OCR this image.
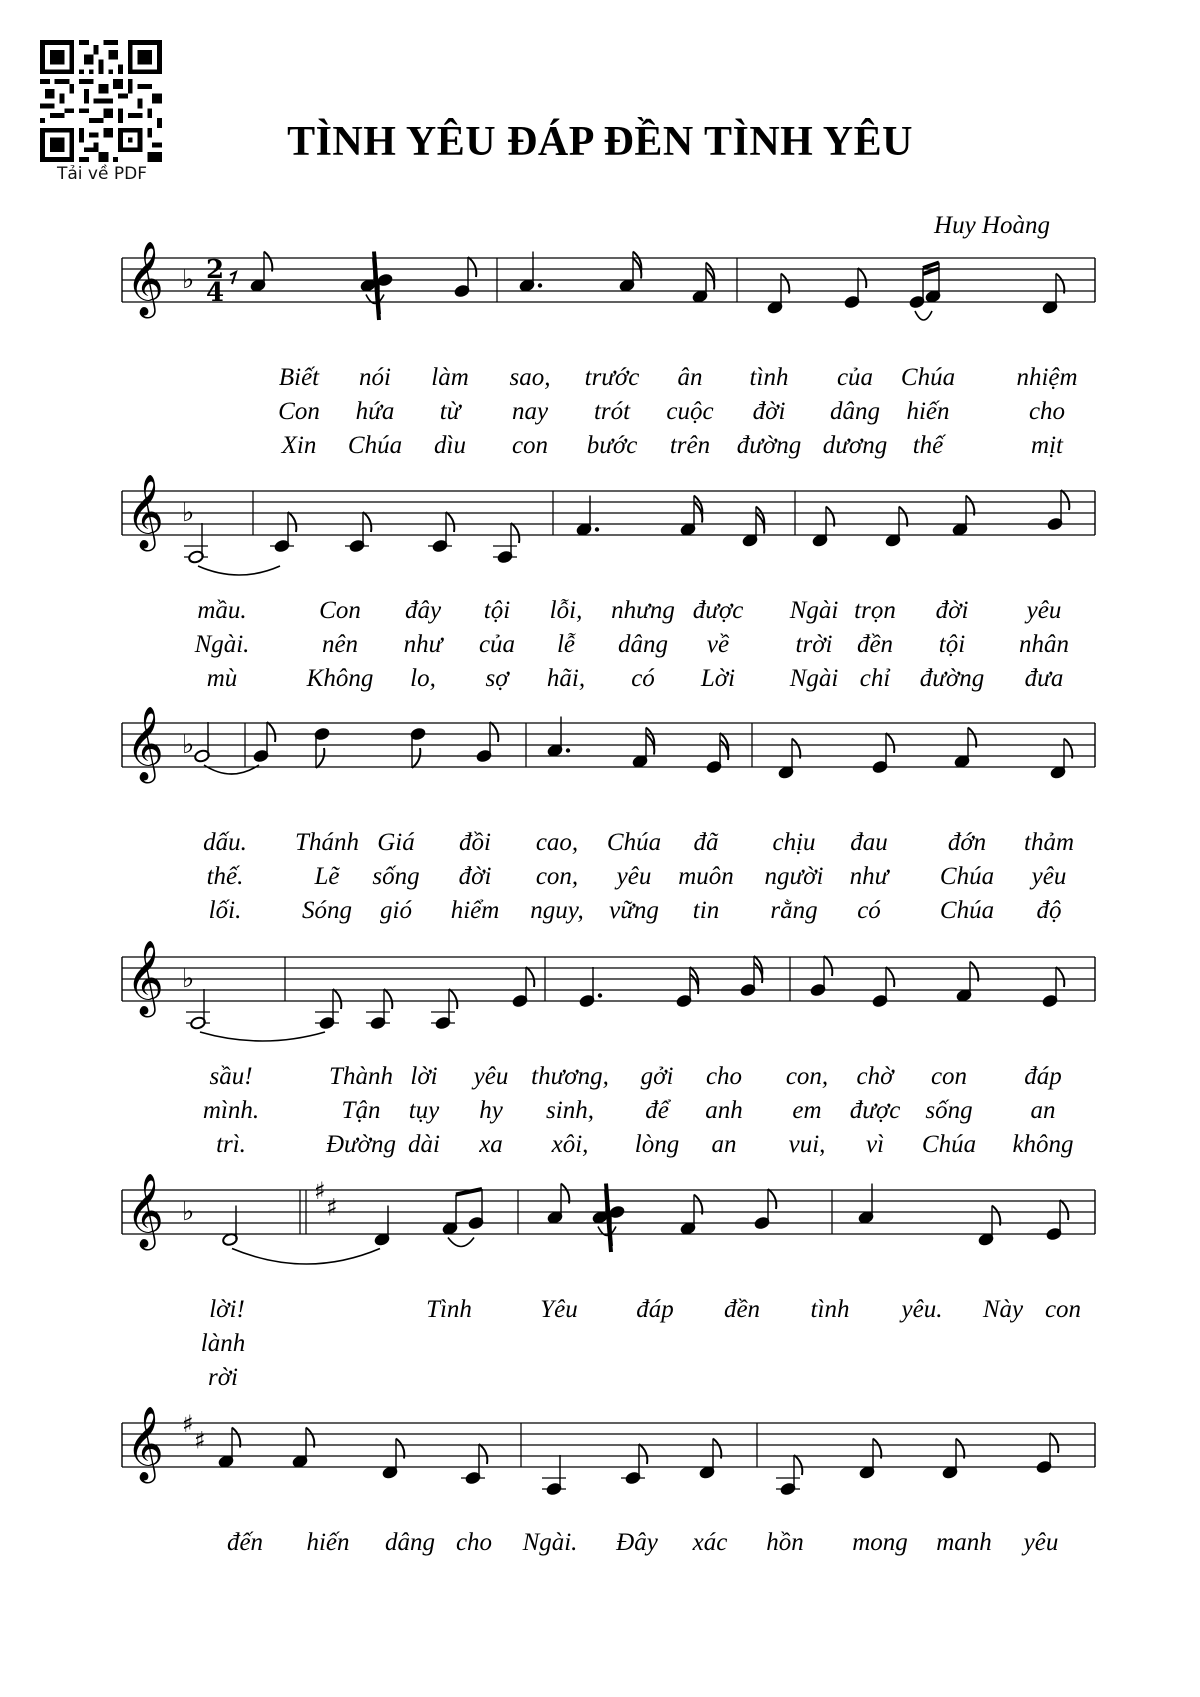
Tải về PDF
TÌNH YÊU ĐÁP ĐỀN TÌNH YÊU
Huy Hoàng
𝄞 ♭ 2
4
𝄞 ♭
𝄞 ♭
𝄞 ♭
𝄞 ♭
♯
♯
𝄞 ♯
♯
Biết nói làm sao, trước ân tình của Chúa nhiệm
Con hứa từ nay trót cuộc đời dâng hiến	cho
Xin Chúa dìu con bước trên đường dương thế	mịt
mầu.	Con đây tội lỗi, nhưng được Ngài trọn đời yêu
Ngài.	nên như của lễ dâng về	trời đền tội nhân
mù	Không lo, sợ hãi, có Lời Ngài chỉ đường đưa
dấu. Thánh Giá đồi cao, Chúa đã chịu đau đớn thảm
thế.	Lẽ sống đời con, yêu muôn người như Chúa yêu
lối. Sóng gió hiểm nguy, vững tin rằng có Chúa độ
sầu!	Thành lời yêu thương, gởi cho con, chờ con đáp
mình.	Tận tụy hy sinh, để anh em được sống an
trì.	Đường dài xa xôi, lòng an vui, vì Chúa không
lời!	Tình	Yêu đáp đền tình yêu. Này con
lành
rời
đến hiến dâng cho Ngài. Đây xác hồn mong manh yêu
